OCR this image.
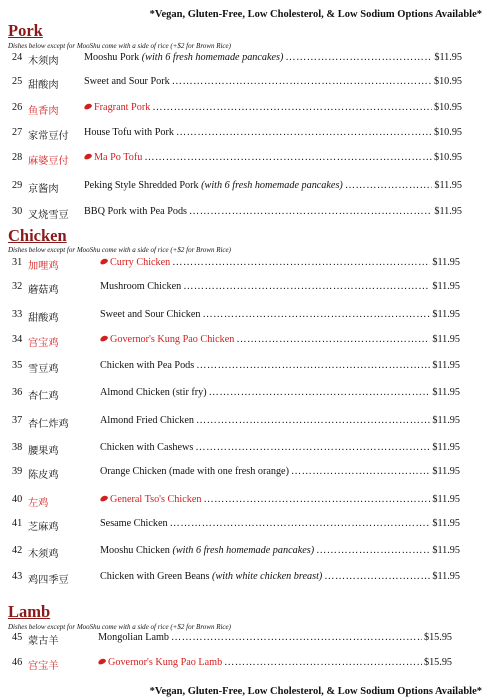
*Vegan, Gluten-Free, Low Cholesterol, & Low Sodium Options Available*
Pork
Dishes below except for MooShu come with a side of rice (+$2 for Brown Rice)
24 木须肉 Mooshu Pork (with 6 fresh homemade pancakes) …………………………………………………………………………………………………………………………	$11.95
25 甜酸肉 Sweet and Sour Pork …………………………………………………………………………………………………………………………	$10.95
26 鱼香肉	Fragrant Pork …………………………………………………………………………………………………………………………	$10.95
27 家常豆付 House Tofu with Pork …………………………………………………………………………………………………………………………	$10.95
28 麻婆豆付	Ma Po Tofu …………………………………………………………………………………………………………………………	$10.95
29 京酱肉 Peking Style Shredded Pork (with 6 fresh homemade pancakes) …………………………………………………………………………………………………………………………	$11.95
30 叉烧雪豆 BBQ Pork with Pea Pods …………………………………………………………………………………………………………………………	$11.95
Chicken
Dishes below except for MooShu come with a side of rice (+$2 for Brown Rice)
31 加哩鸡	Curry Chicken …………………………………………………………………………………………………………………………	$11.95
32 蘑菇鸡	Mushroom Chicken …………………………………………………………………………………………………………………………	$11.95
33 甜酸鸡	Sweet and Sour Chicken …………………………………………………………………………………………………………………………	$11.95
34 宫宝鸡	Governor's Kung Pao Chicken …………………………………………………………………………………………………………………………	$11.95
35 雪豆鸡	Chicken with Pea Pods …………………………………………………………………………………………………………………………	$11.95
36 杏仁鸡	Almond Chicken (stir fry) …………………………………………………………………………………………………………………………	$11.95
37 杏仁炸鸡	Almond Fried Chicken …………………………………………………………………………………………………………………………	$11.95
38 腰果鸡	Chicken with Cashews …………………………………………………………………………………………………………………………	$11.95
39 陈皮鸡	Orange Chicken (made with one fresh orange) …………………………………………………………………………………………………………………………	$11.95
40 左鸡	General Tso's Chicken …………………………………………………………………………………………………………………………	$11.95
41 芝麻鸡	Sesame Chicken …………………………………………………………………………………………………………………………	$11.95
42 木须鸡	Mooshu Chicken (with 6 fresh homemade pancakes) …………………………………………………………………………………………………………………………	$11.95
43 鸡四季豆	Chicken with Green Beans (with white chicken breast) …………………………………………………………………………………………………………………………	$11.95
Lamb
Dishes below except for MooShu come with a side of rice (+$2 for Brown Rice)
45 蒙古羊	Mongolian Lamb …………………………………………………………………………………………………………………………	$15.95
46 宫宝羊	Governor's Kung Pao Lamb …………………………………………………………………………………………………………………………	$15.95
*Vegan, Gluten-Free, Low Cholesterol, & Low Sodium Options Available*
